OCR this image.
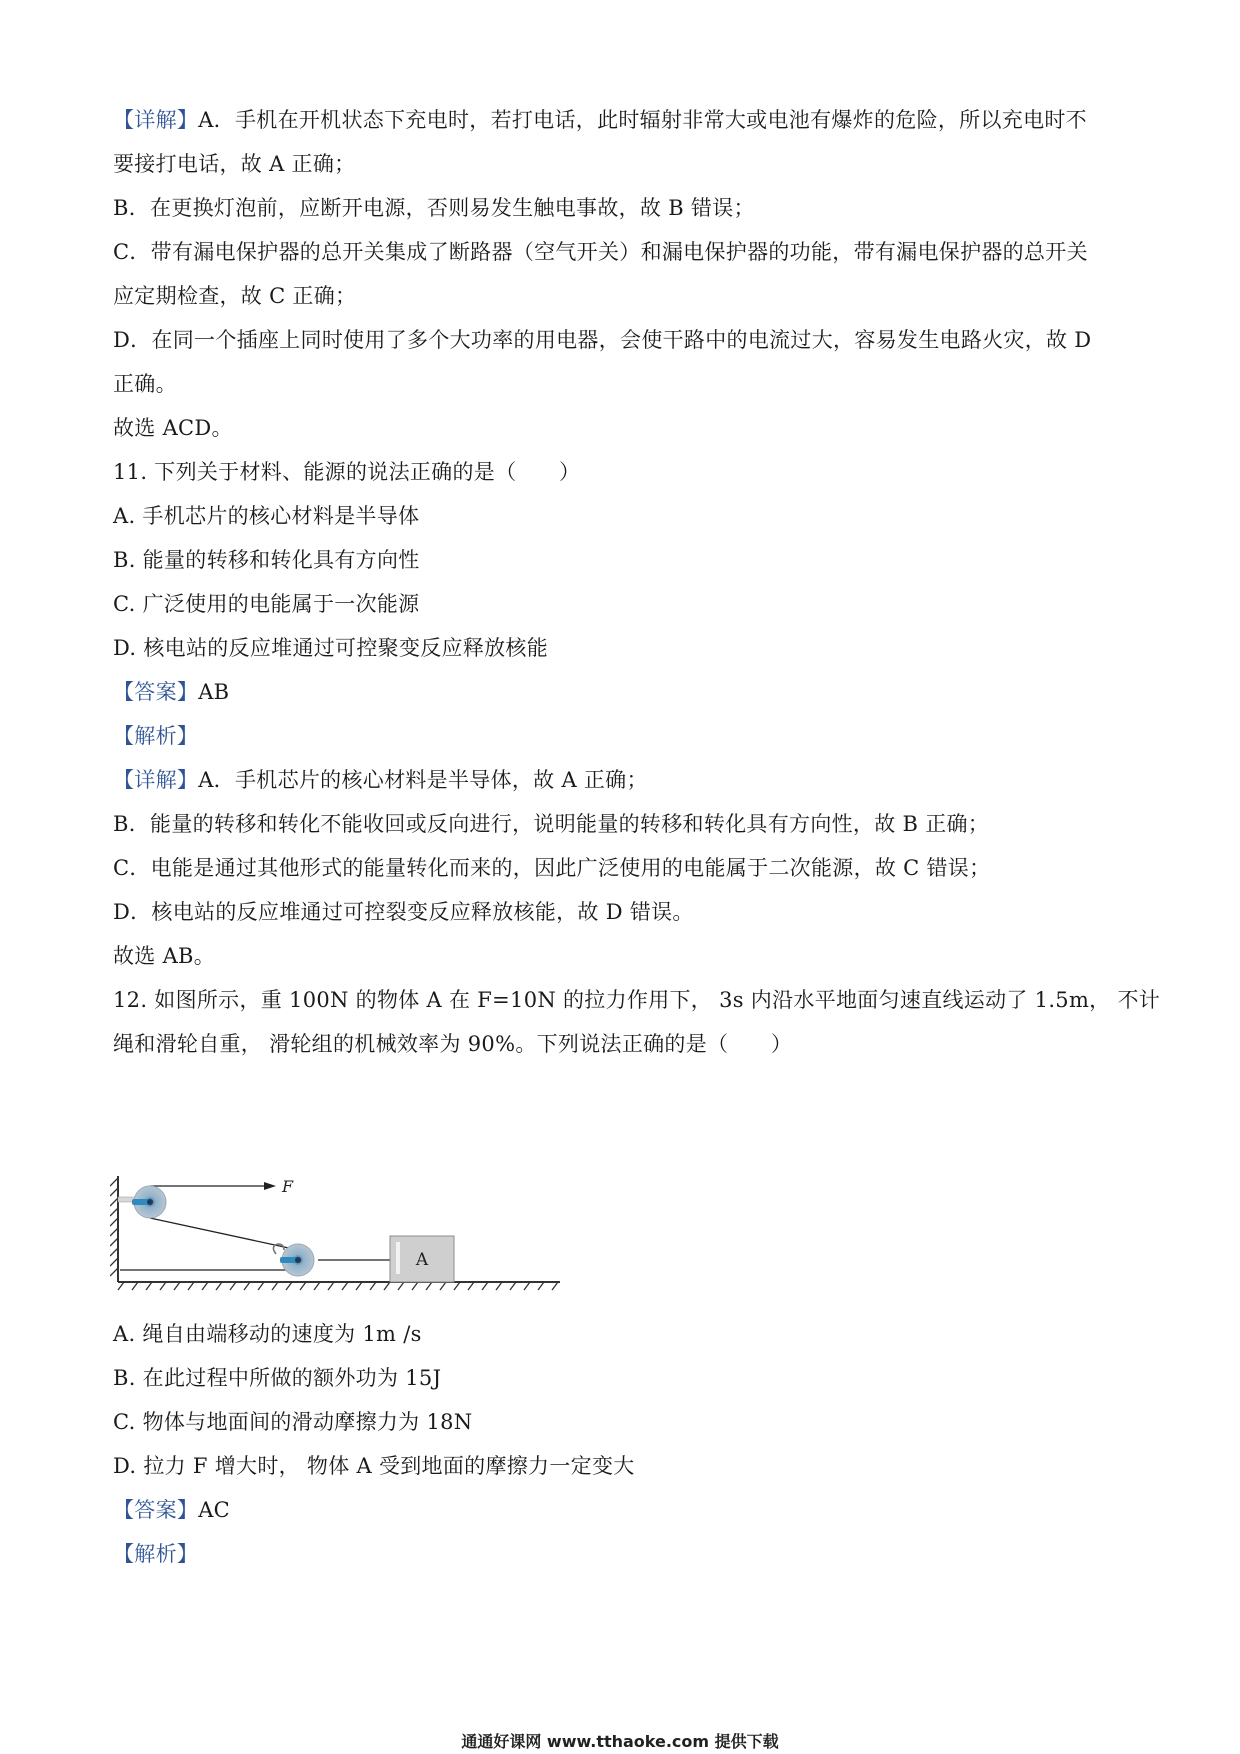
【详解】A．手机在开机状态下充电时，若打电话，此时辐射非常大或电池有爆炸的危险，所以充电时不
要接打电话，故 A 正确；
B．在更换灯泡前，应断开电源，否则易发生触电事故，故 B 错误；
C．带有漏电保护器的总开关集成了断路器（空气开关）和漏电保护器的功能，带有漏电保护器的总开关
应定期检查，故 C 正确；
D．在同一个插座上同时使用了多个大功率的用电器，会使干路中的电流过大，容易发生电路火灾，故 D
正确。
故选 ACD。
11. 下列关于材料、能源的说法正确的是（　　）
A. 手机芯片的核心材料是半导体
B. 能量的转移和转化具有方向性
C. 广泛使用的电能属于一次能源
D. 核电站的反应堆通过可控聚变反应释放核能
【答案】AB
【解析】
【详解】A．手机芯片的核心材料是半导体，故 A 正确；
B．能量的转移和转化不能收回或反向进行，说明能量的转移和转化具有方向性，故 B 正确；
C．电能是通过其他形式的能量转化而来的，因此广泛使用的电能属于二次能源，故 C 错误；
D．核电站的反应堆通过可控裂变反应释放核能，故 D 错误。
故选 AB。
12. 如图所示，重 100N 的物体 A 在 F=10N 的拉力作用下， 3s 内沿水平地面匀速直线运动了 1.5m， 不计
绳和滑轮自重， 滑轮组的机械效率为 90%。下列说法正确的是（　　）
F
A
A. 绳自由端移动的速度为 1m /s
B. 在此过程中所做的额外功为 15J
C. 物体与地面间的滑动摩擦力为 18N
D. 拉力 F 增大时， 物体 A 受到地面的摩擦力一定变大
【答案】AC
【解析】
通通好课网 www.tthaoke.com 提供下载
